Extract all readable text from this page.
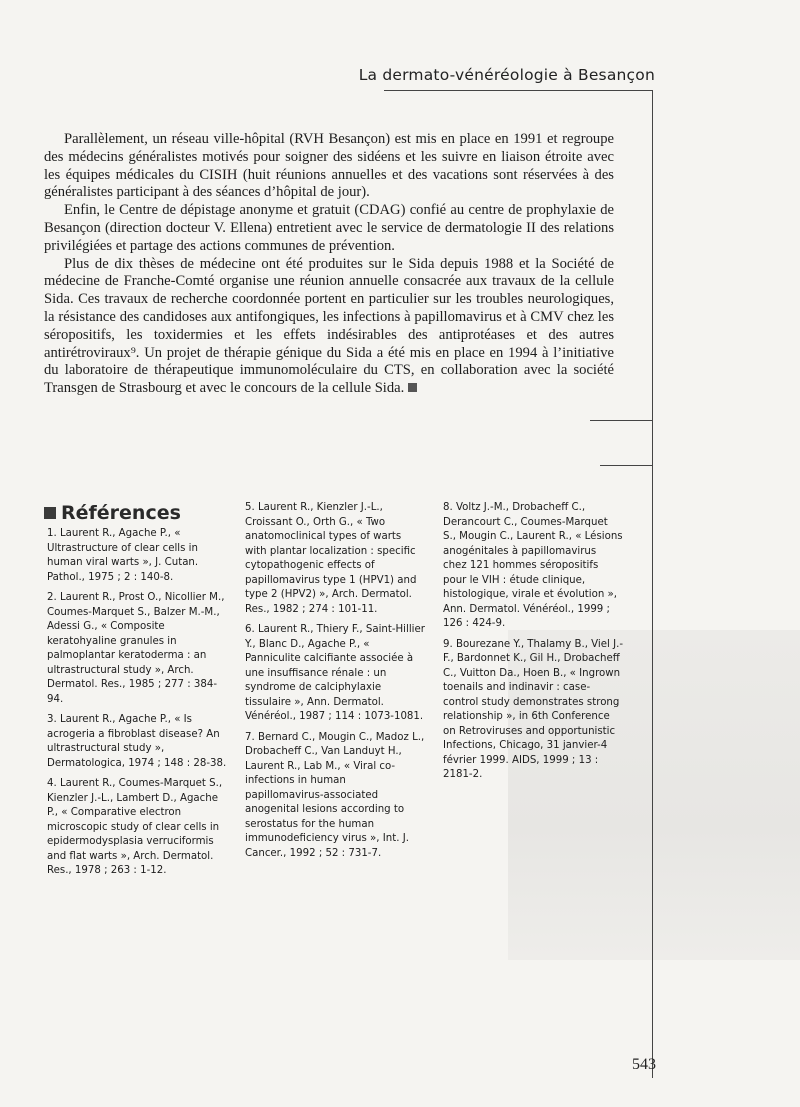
La dermato-vénéréologie à Besançon

Parallèlement, un réseau ville-hôpital (RVH Besançon) est mis en place en 1991 et regroupe des médecins généralistes motivés pour soigner des sidéens et les suivre en liaison étroite avec les équipes médicales du CISIH (huit réunions annuelles et des vacations sont réservées à des généralistes participant à des séances d’hôpital de jour).

Enfin, le Centre de dépistage anonyme et gratuit (CDAG) confié au centre de prophylaxie de Besançon (direction docteur V. Ellena) entretient avec le service de dermatologie II des relations privilégiées et partage des actions communes de prévention.

Plus de dix thèses de médecine ont été produites sur le Sida depuis 1988 et la Société de médecine de Franche-Comté organise une réunion annuelle consacrée aux travaux de la cellule Sida. Ces travaux de recherche coordonnée portent en particulier sur les troubles neurologiques, la résistance des candidoses aux antifongiques, les infections à papillomavirus et à CMV chez les séropositifs, les toxidermies et les effets indésirables des antiprotéases et des autres antirétroviraux⁹. Un projet de thérapie génique du Sida a été mis en place en 1994 à l’initiative du laboratoire de thérapeutique immunomoléculaire du CTS, en collaboration avec la société Transgen de Strasbourg et avec le concours de la cellule Sida.

Références

1. Laurent R., Agache P., « Ultrastructure of clear cells in human viral warts », J. Cutan. Pathol., 1975 ; 2 : 140-8.

2. Laurent R., Prost O., Nicollier M., Coumes-Marquet S., Balzer M.-M., Adessi G., « Composite keratohyaline granules in palmoplantar keratoderma : an ultrastructural study », Arch. Dermatol. Res., 1985 ; 277 : 384-94.

3. Laurent R., Agache P., « Is acrogeria a fibroblast disease? An ultrastructural study », Dermatologica, 1974 ; 148 : 28-38.

4. Laurent R., Coumes-Marquet S., Kienzler J.-L., Lambert D., Agache P., « Comparative electron microscopic study of clear cells in epidermodysplasia verruciformis and flat warts », Arch. Dermatol. Res., 1978 ; 263 : 1-12.

5. Laurent R., Kienzler J.-L., Croissant O., Orth G., « Two anatomoclinical types of warts with plantar localization : specific cytopathogenic effects of papillomavirus type 1 (HPV1) and type 2 (HPV2) », Arch. Dermatol. Res., 1982 ; 274 : 101-11.

6. Laurent R., Thiery F., Saint-Hillier Y., Blanc D., Agache P., « Panniculite calcifiante associée à une insuffisance rénale : un syndrome de calciphylaxie tissulaire », Ann. Dermatol. Vénéréol., 1987 ; 114 : 1073-1081.

7. Bernard C., Mougin C., Madoz L., Drobacheff C., Van Landuyt H., Laurent R., Lab M., « Viral co-infections in human papillomavirus-associated anogenital lesions according to serostatus for the human immunodeficiency virus », Int. J. Cancer., 1992 ; 52 : 731-7.

8. Voltz J.-M., Drobacheff C., Derancourt C., Coumes-Marquet S., Mougin C., Laurent R., « Lésions anogénitales à papillomavirus chez 121 hommes séropositifs pour le VIH : étude clinique, histologique, virale et évolution », Ann. Dermatol. Vénéréol., 1999 ; 126 : 424-9.

9. Bourezane Y., Thalamy B., Viel J.-F., Bardonnet K., Gil H., Drobacheff C., Vuitton Da., Hoen B., « Ingrown toenails and indinavir : case-control study demonstrates strong relationship », in 6th Conference on Retroviruses and opportunistic Infections, Chicago, 31 janvier-4 février 1999. AIDS, 1999 ; 13 : 2181-2.

543
